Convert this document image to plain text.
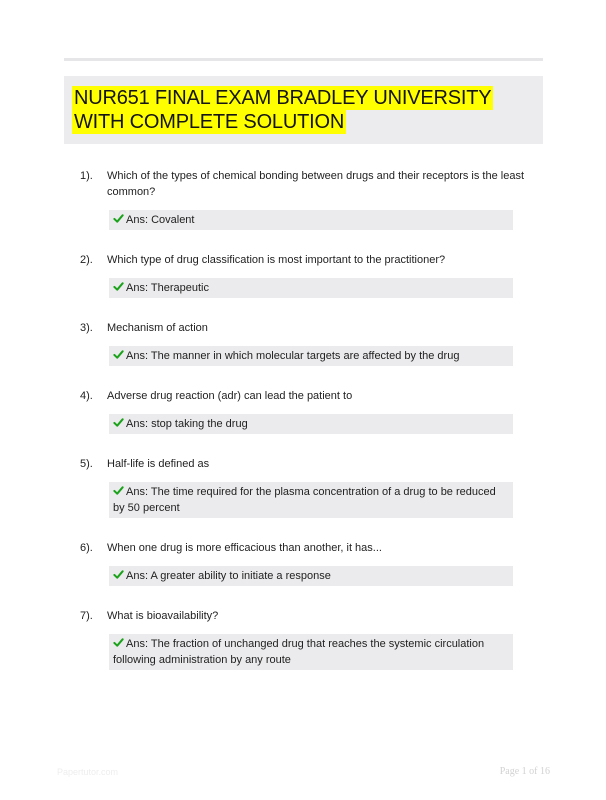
NUR651 FINAL EXAM BRADLEY UNIVERSITY
WITH COMPLETE SOLUTION
1). Which of the types of chemical bonding between drugs and their receptors is the least common?
Ans: Covalent
2). Which type of drug classification is most important to the practitioner?
Ans: Therapeutic
3). Mechanism of action
Ans: The manner in which molecular targets are affected by the drug
4). Adverse drug reaction (adr) can lead the patient to
Ans: stop taking the drug
5). Half-life is defined as
Ans: The time required for the plasma concentration of a drug to be reduced by 50 percent
6). When one drug is more efficacious than another, it has...
Ans: A greater ability to initiate a response
7). What is bioavailability?
Ans: The fraction of unchanged drug that reaches the systemic circulation following administration by any route
Papertutor.com	Page 1 of 16
